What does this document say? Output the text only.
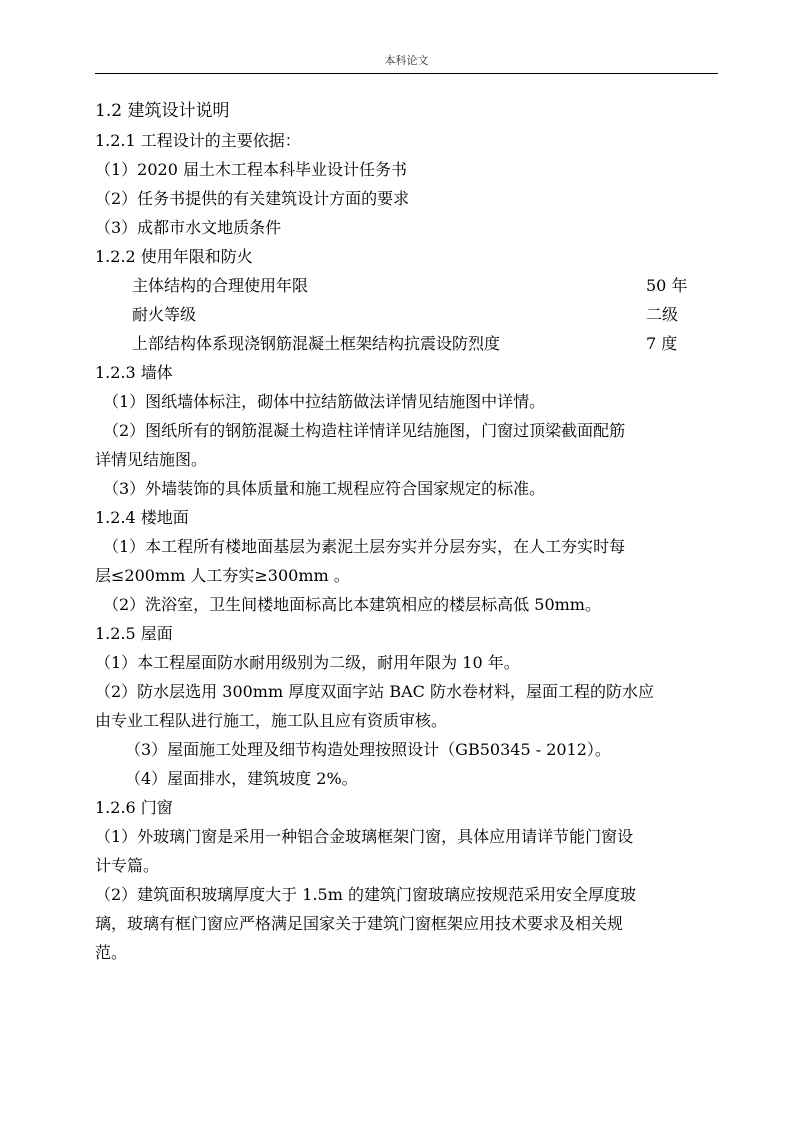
本科论文
1.2 建筑设计说明
1.2.1 工程设计的主要依据：
（1）2020 届土木工程本科毕业设计任务书
（2）任务书提供的有关建筑设计方面的要求
（3）成都市水文地质条件
1.2.2 使用年限和防火
主体结构的合理使用年限	50 年
耐火等级	二级
上部结构体系现浇钢筋混凝土框架结构抗震设防烈度	7 度
1.2.3 墙体
（1）图纸墙体标注，砌体中拉结筋做法详情见结施图中详情。
（2）图纸所有的钢筋混凝土构造柱详情详见结施图，门窗过顶梁截面配筋
详情见结施图。
（3）外墙装饰的具体质量和施工规程应符合国家规定的标准。
1.2.4 楼地面
（1）本工程所有楼地面基层为素泥土层夯实并分层夯实，在人工夯实时每
层≤200mm 人工夯实≥300mm 。
（2）洗浴室，卫生间楼地面标高比本建筑相应的楼层标高低 50mm。
1.2.5 屋面
（1）本工程屋面防水耐用级别为二级，耐用年限为 10 年。
（2）防水层选用 300mm 厚度双面字站 BAC 防水卷材料，屋面工程的防水应
由专业工程队进行施工，施工队且应有资质审核。
（3）屋面施工处理及细节构造处理按照设计（GB50345 - 2012）。
（4）屋面排水，建筑坡度 2%。
1.2.6 门窗
（1）外玻璃门窗是采用一种铝合金玻璃框架门窗，具体应用请详节能门窗设
计专篇。
（2）建筑面积玻璃厚度大于 1.5m 的建筑门窗玻璃应按规范采用安全厚度玻
璃，玻璃有框门窗应严格满足国家关于建筑门窗框架应用技术要求及相关规
范。
